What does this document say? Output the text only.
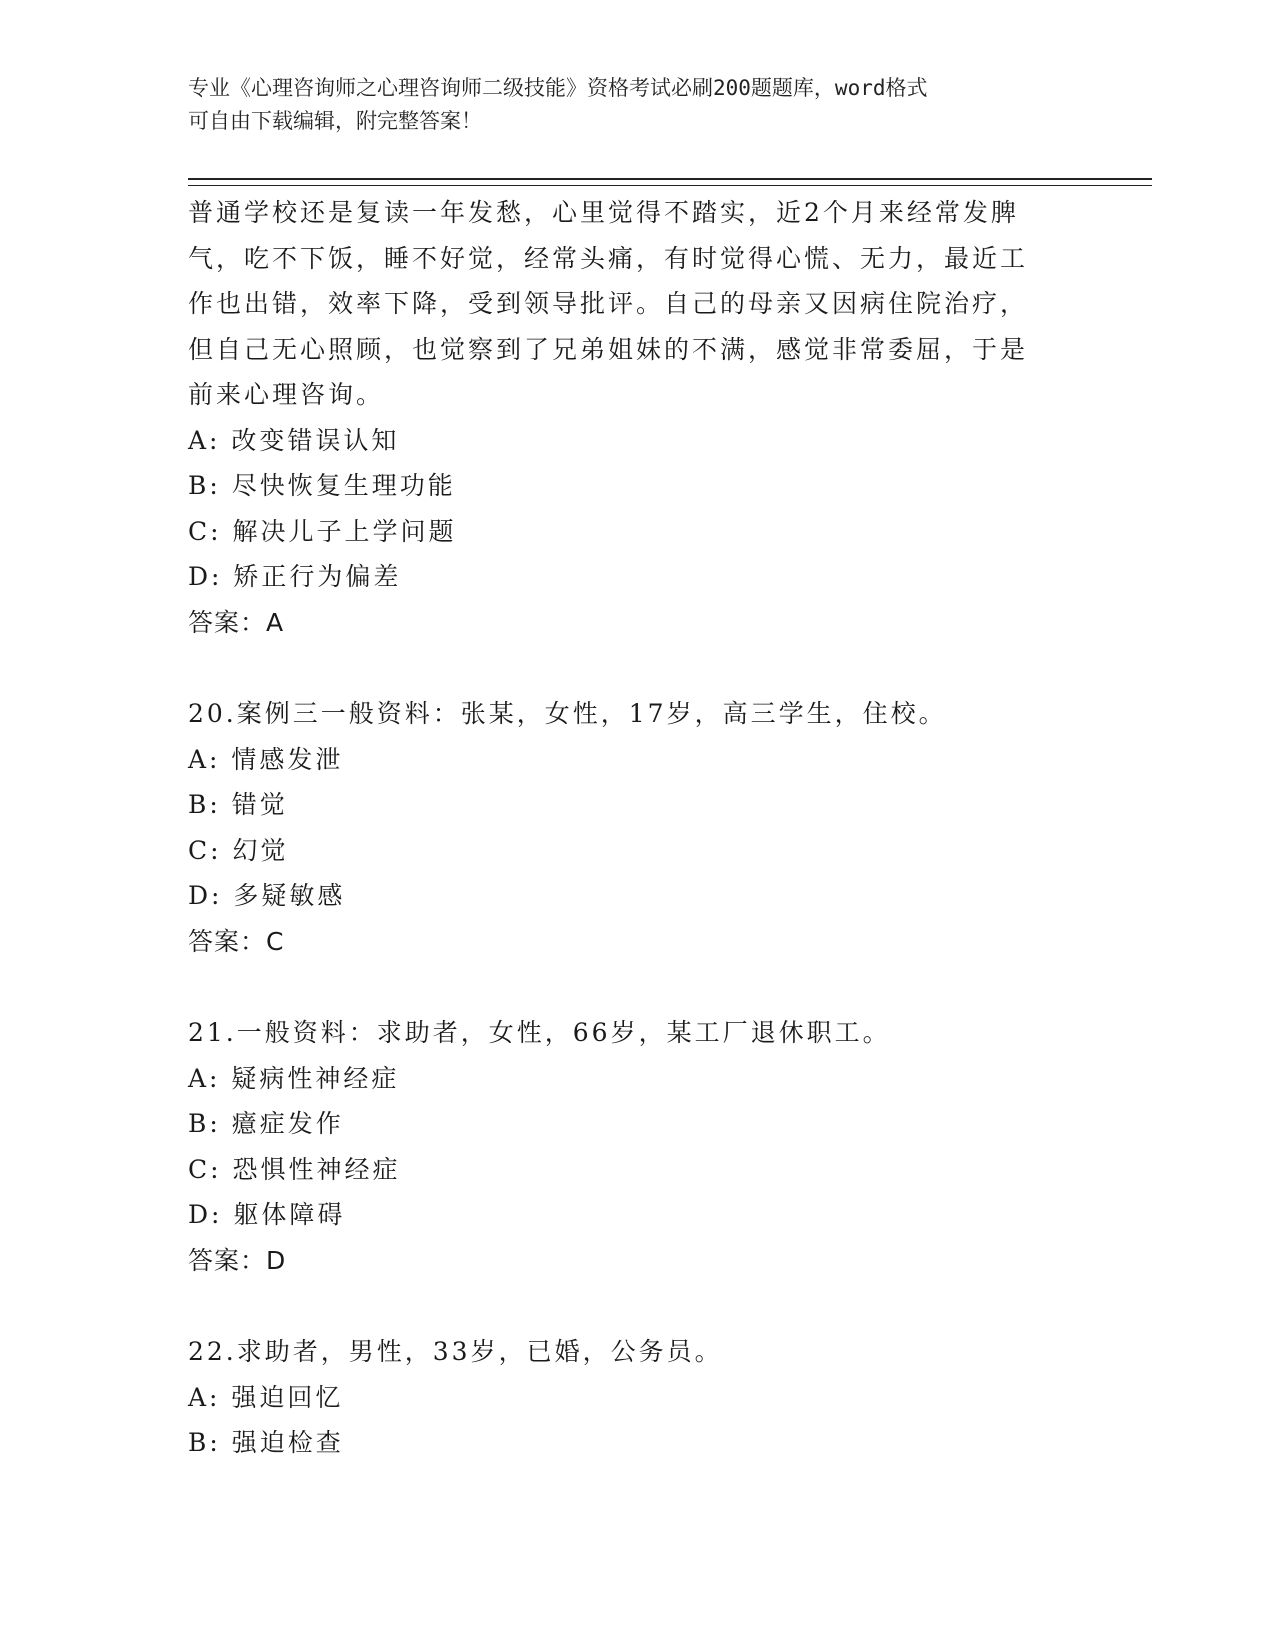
专业《心理咨询师之心理咨询师二级技能》资格考试必刷200题题库，word格式
可自由下载编辑，附完整答案！

普通学校还是复读一年发愁，心里觉得不踏实，近2个月来经常发脾

气，吃不下饭，睡不好觉，经常头痛，有时觉得心慌、无力，最近工

作也出错，效率下降，受到领导批评。自己的母亲又因病住院治疗，

但自己无心照顾，也觉察到了兄弟姐妹的不满，感觉非常委屈，于是

前来心理咨询。

A: 改变错误认知

B: 尽快恢复生理功能

C: 解决儿子上学问题

D: 矫正行为偏差

答案：A

20.案例三一般资料：张某，女性，17岁，高三学生，住校。

A: 情感发泄

B: 错觉

C: 幻觉

D: 多疑敏感

答案：C

21.一般资料：求助者，女性，66岁，某工厂退休职工。

A: 疑病性神经症

B: 癔症发作

C: 恐惧性神经症

D: 躯体障碍

答案：D

22.求助者，男性，33岁，已婚，公务员。

A: 强迫回忆

B: 强迫检查
